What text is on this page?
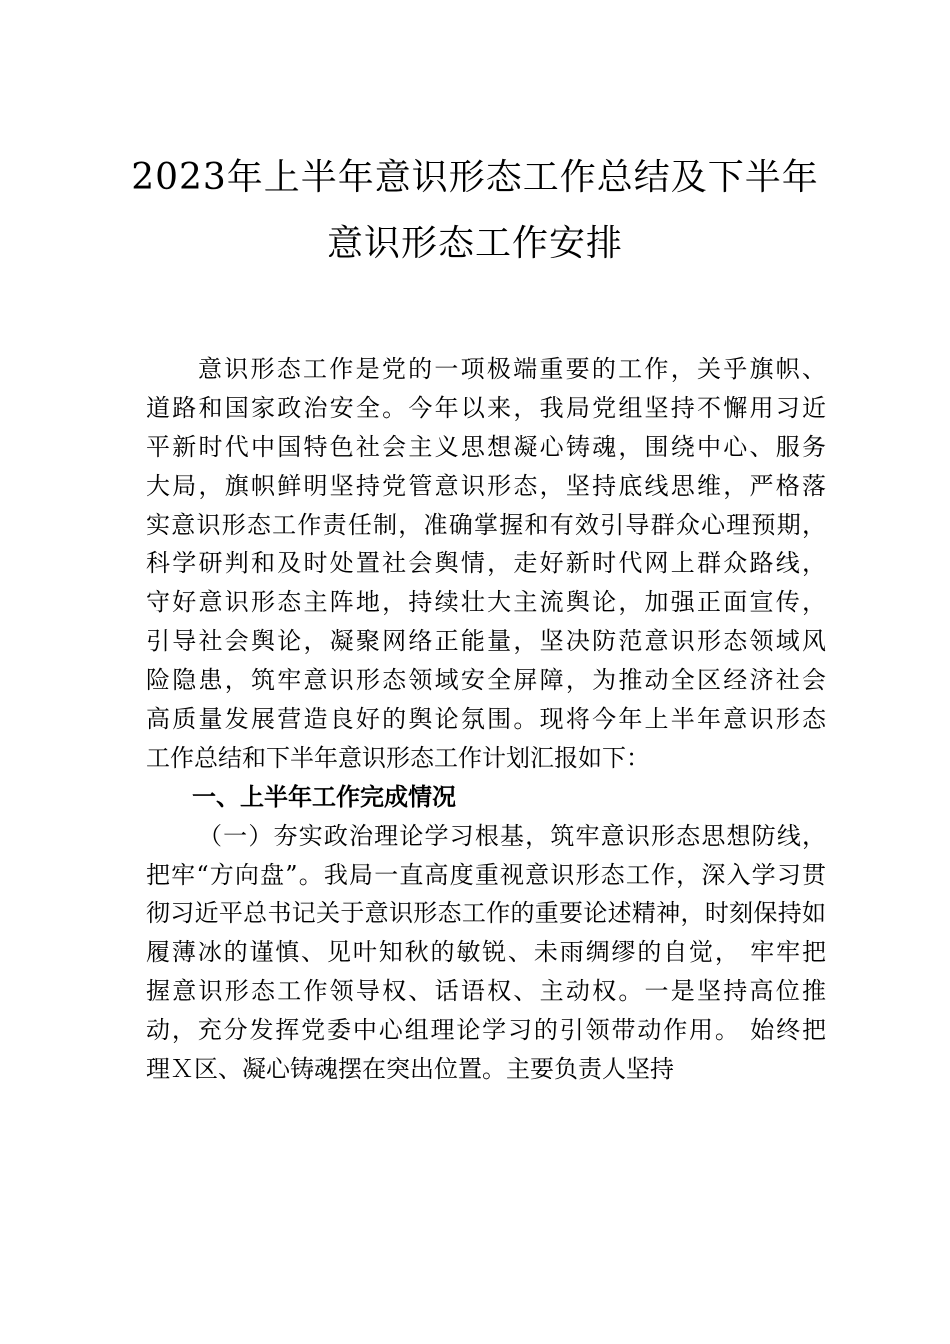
2023年上半年意识形态工作总结及下半年
意识形态工作安排
意识形态工作是党的一项极端重要的工作，关乎旗帜、
道路和国家政治安全。今年以来，我局党组坚持不懈用习近
平新时代中国特色社会主义思想凝心铸魂，围绕中心、服务
大局，旗帜鲜明坚持党管意识形态，坚持底线思维，严格落
实意识形态工作责任制，准确掌握和有效引导群众心理预期，
科学研判和及时处置社会舆情，走好新时代网上群众路线，
守好意识形态主阵地，持续壮大主流舆论，加强正面宣传，
引导社会舆论，凝聚网络正能量，坚决防范意识形态领域风
险隐患，筑牢意识形态领域安全屏障，为推动全区经济社会
高质量发展营造良好的舆论氛围。现将今年上半年意识形态
工作总结和下半年意识形态工作计划汇报如下：
一、上半年工作完成情况
（一）夯实政治理论学习根基，筑牢意识形态思想防线，
把牢“方向盘”。我局一直高度重视意识形态工作，深入学习贯
彻习近平总书记关于意识形态工作的重要论述精神，时刻保持如
履薄冰的谨慎、见叶知秋的敏锐、未雨绸缪的自觉， 牢牢把
握意识形态工作领导权、话语权、主动权。一是坚持高位推
动，充分发挥党委中心组理论学习的引领带动作用。 始终把
理Ｘ区、凝心铸魂摆在突出位置。主要负责人坚持
